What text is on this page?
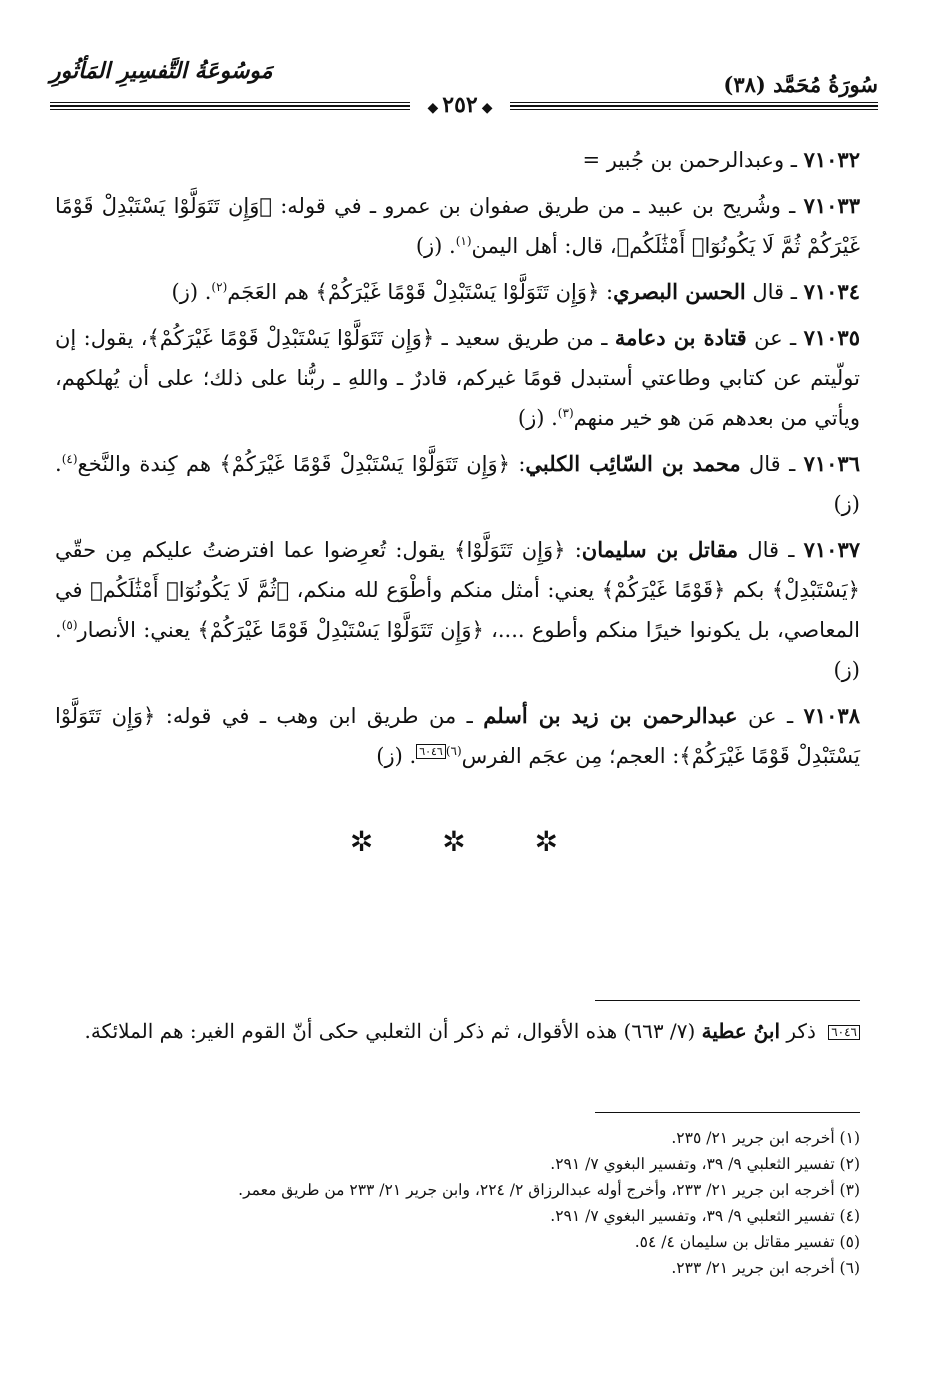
سُورَةُ مُحَمَّد (٣٨)
مَوسُوعَةُ التَّفسِيرِ المَأثُورِ
◆٢٥٢◆

٧١٠٣٢ ـ وعبدالرحمن بن جُبير =

٧١٠٣٣ ـ وشُريح بن عبيد ـ من طريق صفوان بن عمرو ـ في قوله: ﴿وَإِن تَتَوَلَّوْا يَسْتَبْدِلْ قَوْمًا غَيْرَكُمْ ثُمَّ لَا يَكُونُوٓا۟ أَمْثَٰلَكُم﴾، قال: أهل اليمن$^{(١)}$. (ز)

٧١٠٣٤ ـ قال الحسن البصري: ﴿وَإِن تَتَوَلَّوْا يَسْتَبْدِلْ قَوْمًا غَيْرَكُمْ﴾ هم العَجَم$^{(٢)}$. (ز)

٧١٠٣٥ ـ عن قتادة بن دعامة ـ من طريق سعيد ـ ﴿وَإِن تَتَوَلَّوْا يَسْتَبْدِلْ قَوْمًا غَيْرَكُمْ﴾، يقول: إن تولّيتم عن كتابي وطاعتي أستبدل قومًا غيركم، قادرٌ ـ واللهِ ـ ربُّنا على ذلك؛ على أن يُهلكهم، ويأتي من بعدهم مَن هو خير منهم$^{(٣)}$. (ز)

٧١٠٣٦ ـ قال محمد بن السّائِب الكلبي: ﴿وَإِن تَتَوَلَّوْا يَسْتَبْدِلْ قَوْمًا غَيْرَكُمْ﴾ هم كِندة والنَّخع$^{(٤)}$. (ز)

٧١٠٣٧ ـ قال مقاتل بن سليمان: ﴿وَإِن تَتَوَلَّوْا﴾ يقول: تُعرِضوا عما افترضتُ عليكم مِن حقّي ﴿يَسْتَبْدِلْ﴾ بكم ﴿قَوْمًا غَيْرَكُمْ﴾ يعني: أمثل منكم وأطْوَع لله منكم، ﴿ثُمَّ لَا يَكُونُوٓا۟ أَمْثَٰلَكُم﴾ في المعاصي، بل يكونوا خيرًا منكم وأطوع ....، ﴿وَإِن تَتَوَلَّوْا يَسْتَبْدِلْ قَوْمًا غَيْرَكُمْ﴾ يعني: الأنصار$^{(٥)}$. (ز)

٧١٠٣٨ ـ عن عبدالرحمن بن زيد بن أسلم ـ من طريق ابن وهب ـ في قوله: ﴿وَإِن تَتَوَلَّوْا يَسْتَبْدِلْ قَوْمًا غَيْرَكُمْ﴾: العجم؛ مِن عجَم الفرس$^{(٦)}$٦٠٤٦. (ز)

✲ ✲ ✲
٦٠٤٦ ذكر ابنُ عطية (٧/ ٦٦٣) هذه الأقوال، ثم ذكر أن الثعلبي حكى أنّ القوم الغير: هم الملائكة.

(١) أخرجه ابن جرير ٢١/ ٢٣٥.

(٢) تفسير الثعلبي ٩/ ٣٩، وتفسير البغوي ٧/ ٢٩١.

(٣) أخرجه ابن جرير ٢١/ ٢٣٣، وأخرج أوله عبدالرزاق ٢/ ٢٢٤، وابن جرير ٢١/ ٢٣٣ من طريق معمر.

(٤) تفسير الثعلبي ٩/ ٣٩، وتفسير البغوي ٧/ ٢٩١.

(٥) تفسير مقاتل بن سليمان ٤/ ٥٤.

(٦) أخرجه ابن جرير ٢١/ ٢٣٣.
